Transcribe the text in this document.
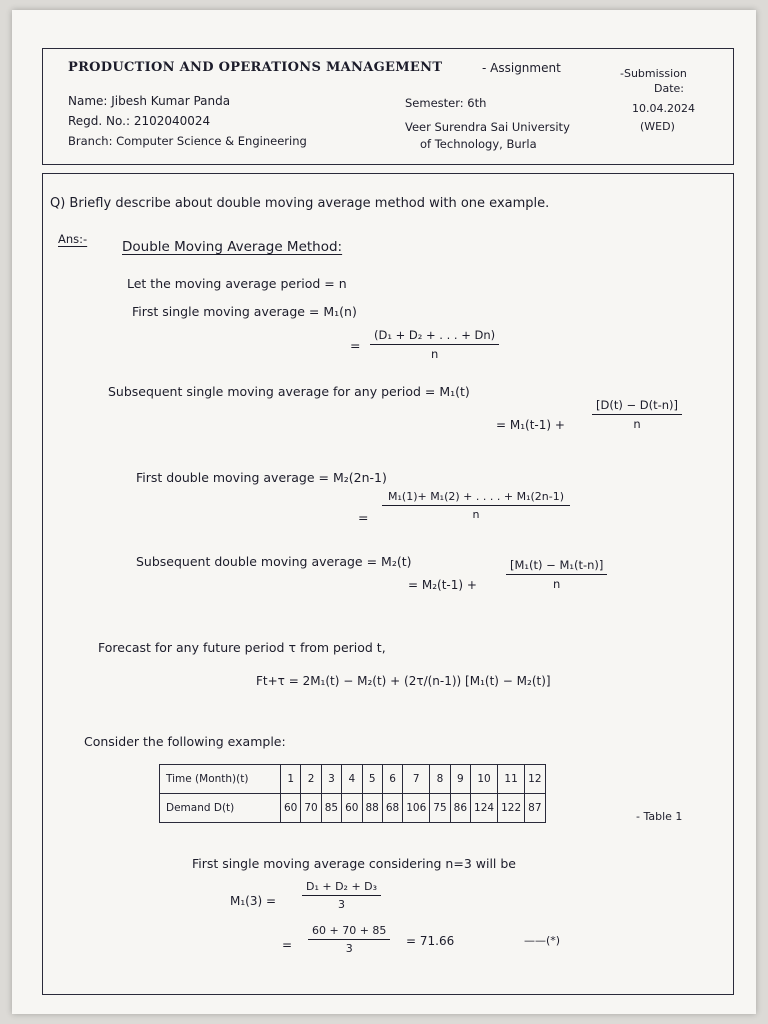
PRODUCTION AND OPERATIONS MANAGEMENT	- Assignment	-Submission
Date:
10.04.2024
(WED)
Name: Jibesh Kumar Panda
Regd. No.: 2102040024
Branch: Computer Science & Engineering
Semester: 6th
Veer Surendra Sai University
of Technology, Burla
Q) Briefly describe about double moving average method with one example.
Ans:-	Double Moving Average Method:
Let the moving average period = n
First single moving average = M₁(n)
= $\frac{\text{(D₁ + D₂ + . . . + Dn)}}{n}$
Subsequent single moving average for any period = M₁(t)
= $M_1(t-1) + \frac{[D(t) - D(t-n)]}{n}$
First double moving average = M₂(2n-1)
= $\frac{\text{M₁(1)+ M₁(2) + . . . . + M₁(2n-1)}}{n}$
Subsequent double moving average = M₂(t)
= M₂(t-1) +	$\frac{\text{[M₁(t) − M₁(t-n)]}}{n}$
Forecast for any future period τ from period t,
Ft+τ = 2M₁(t) − M₂(t) + (2τ/(n-1)) [M₁(t) − M₂(t)]
Consider the following example:
Time (Month)(t)	1	2	3	4	5	6	7	8	9	10	11	12
Demand D(t)	60	70	85	60	88	68	106	75	86	124	122	87
- Table 1
First single moving average considering n=3 will be
$M_1(3) = \frac{\text{D₁ + D₂ + D₃}}{3}$
= $\frac{60 + 70 + 85}{3} = 71.66$	——(*)
